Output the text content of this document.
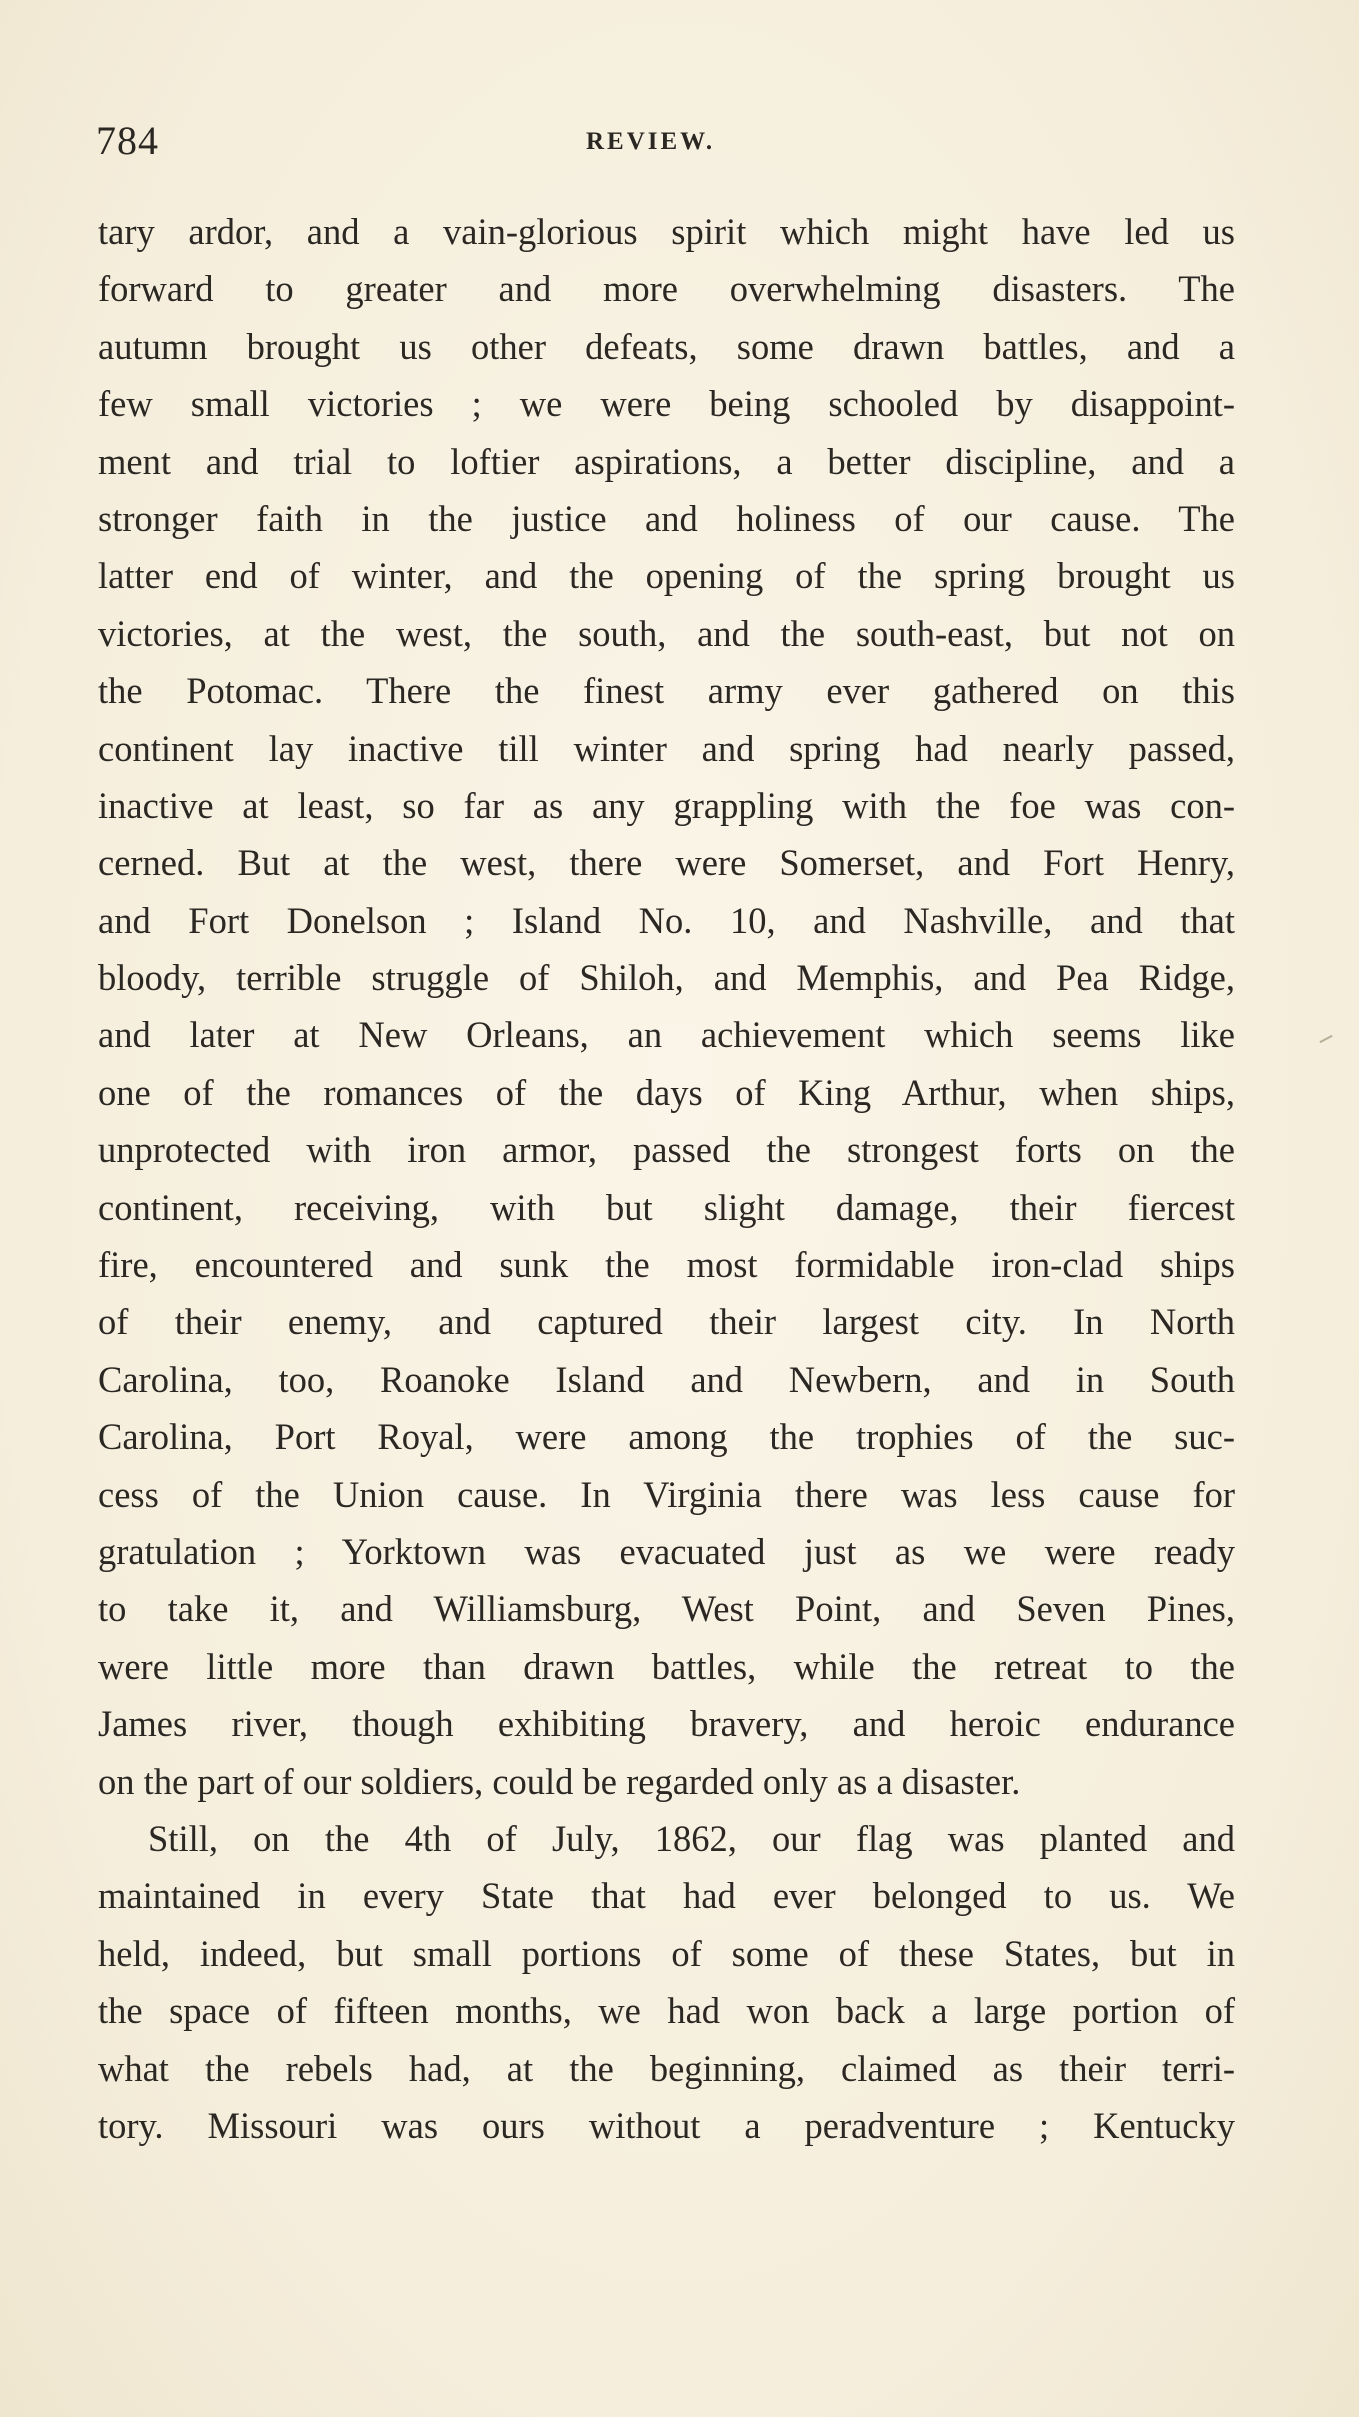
784	REVIEW.
tary ardor, and a vain-glorious spirit which might have led us
forward to greater and more overwhelming disasters. The
autumn brought us other defeats, some drawn battles, and a
few small victories ; we were being schooled by disappoint-
ment and trial to loftier aspirations, a better discipline, and a
stronger faith in the justice and holiness of our cause. The
latter end of winter, and the opening of the spring brought us
victories, at the west, the south, and the south-east, but not on
the Potomac. There the finest army ever gathered on this
continent lay inactive till winter and spring had nearly passed,
inactive at least, so far as any grappling with the foe was con-
cerned. But at the west, there were Somerset, and Fort Henry,
and Fort Donelson ; Island No. 10, and Nashville, and that
bloody, terrible struggle of Shiloh, and Memphis, and Pea Ridge,
and later at New Orleans, an achievement which seems like
one of the romances of the days of King Arthur, when ships,
unprotected with iron armor, passed the strongest forts on the
continent, receiving, with but slight damage, their fiercest
fire, encountered and sunk the most formidable iron-clad ships
of their enemy, and captured their largest city. In North
Carolina, too, Roanoke Island and Newbern, and in South
Carolina, Port Royal, were among the trophies of the suc-
cess of the Union cause. In Virginia there was less cause for
gratulation ; Yorktown was evacuated just as we were ready
to take it, and Williamsburg, West Point, and Seven Pines,
were little more than drawn battles, while the retreat to the
James river, though exhibiting bravery, and heroic endurance
on the part of our soldiers, could be regarded only as a disaster.
Still, on the 4th of July, 1862, our flag was planted and
maintained in every State that had ever belonged to us. We
held, indeed, but small portions of some of these States, but in
the space of fifteen months, we had won back a large portion of
what the rebels had, at the beginning, claimed as their terri-
tory. Missouri was ours without a peradventure ; Kentucky
